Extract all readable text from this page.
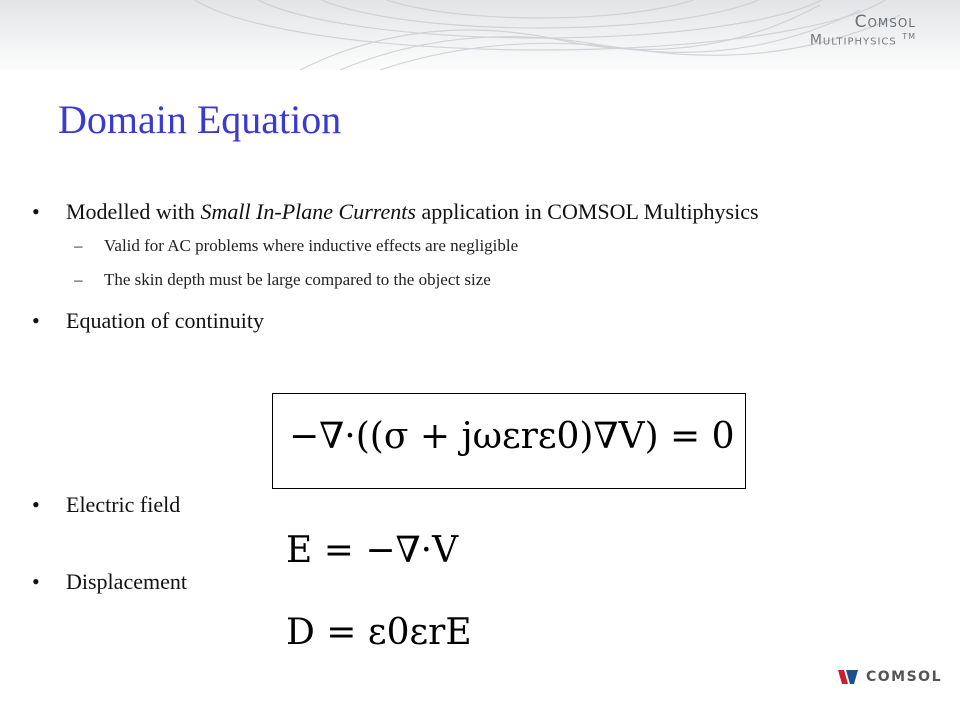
Comsol
Multiphysics ™
Domain Equation
• Modelled with Small In-Plane Currents application in COMSOL Multiphysics
– Valid for AC problems where inductive effects are negligible
– The skin depth must be large compared to the object size
• Equation of continuity
−∇·((σ + jωεrε0)∇V) = 0
• Electric field
E = −∇·V
• Displacement
D = ε0εrE
COMSOL
